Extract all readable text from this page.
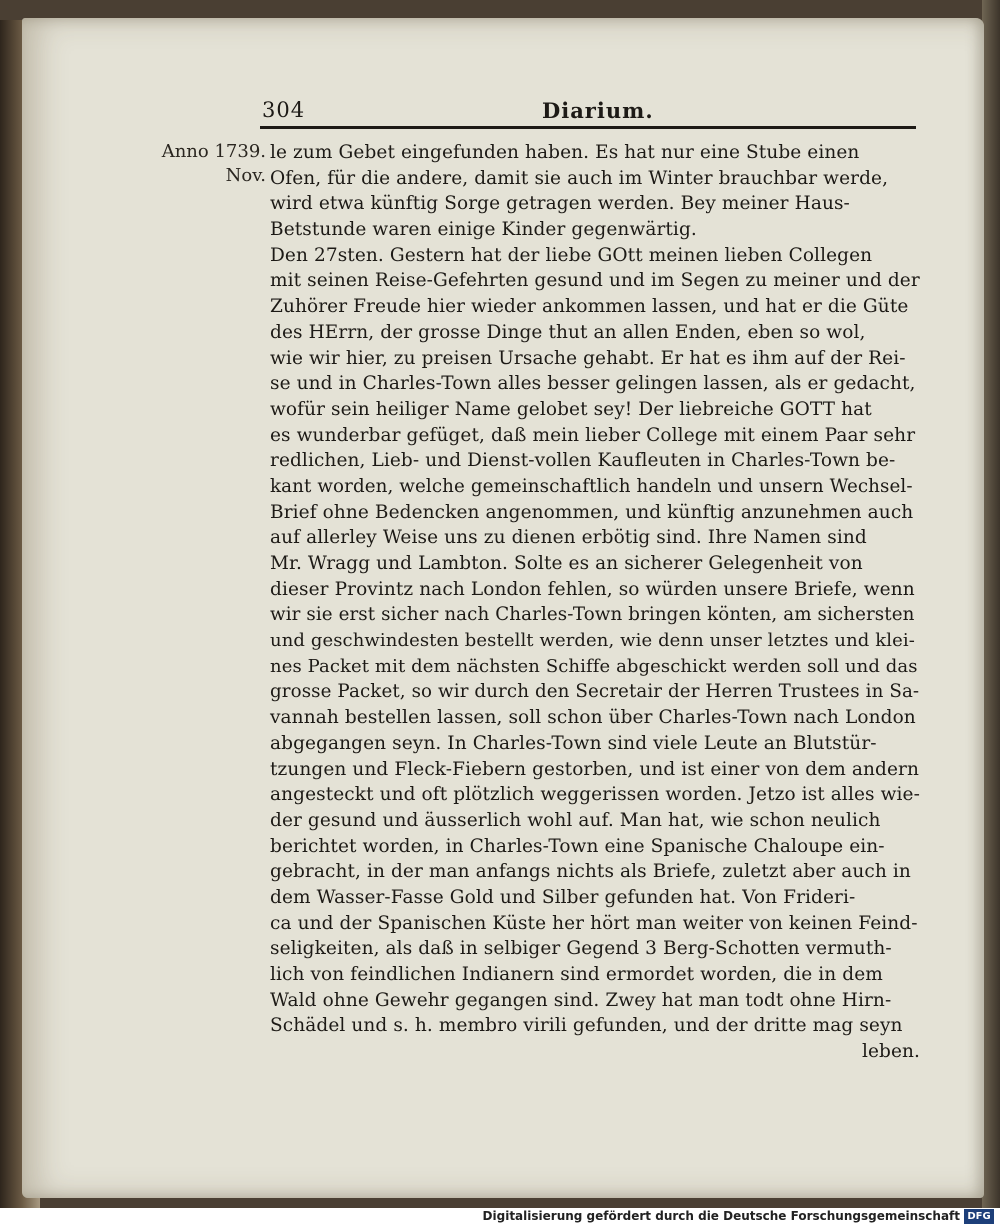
304	Diarium.
Anno 1739.
Nov.
le zum Gebet eingefunden haben. Es hat nur eine Stube einen
Ofen, für die andere, damit sie auch im Winter brauchbar werde,
wird etwa künftig Sorge getragen werden. Bey meiner Haus-
Betstunde waren einige Kinder gegenwärtig.
Den 27sten. Gestern hat der liebe GOtt meinen lieben Collegen
mit seinen Reise-Gefehrten gesund und im Segen zu meiner und der
Zuhörer Freude hier wieder ankommen lassen, und hat er die Güte
des HErrn, der grosse Dinge thut an allen Enden, eben so wol,
wie wir hier, zu preisen Ursache gehabt. Er hat es ihm auf der Rei-
se und in Charles-Town alles besser gelingen lassen, als er gedacht,
wofür sein heiliger Name gelobet sey! Der liebreiche GOTT hat
es wunderbar gefüget, daß mein lieber College mit einem Paar sehr
redlichen, Lieb- und Dienst-vollen Kaufleuten in Charles-Town be-
kant worden, welche gemeinschaftlich handeln und unsern Wechsel-
Brief ohne Bedencken angenommen, und künftig anzunehmen auch
auf allerley Weise uns zu dienen erbötig sind. Ihre Namen sind
Mr. Wragg und Lambton. Solte es an sicherer Gelegenheit von
dieser Provintz nach London fehlen, so würden unsere Briefe, wenn
wir sie erst sicher nach Charles-Town bringen könten, am sichersten
und geschwindesten bestellt werden, wie denn unser letztes und klei-
nes Packet mit dem nächsten Schiffe abgeschickt werden soll und das
grosse Packet, so wir durch den Secretair der Herren Trustees in Sa-
vannah bestellen lassen, soll schon über Charles-Town nach London
abgegangen seyn. In Charles-Town sind viele Leute an Blutstür-
tzungen und Fleck-Fiebern gestorben, und ist einer von dem andern
angesteckt und oft plötzlich weggerissen worden. Jetzo ist alles wie-
der gesund und äusserlich wohl auf. Man hat, wie schon neulich
berichtet worden, in Charles-Town eine Spanische Chaloupe ein-
gebracht, in der man anfangs nichts als Briefe, zuletzt aber auch in
dem Wasser-Fasse Gold und Silber gefunden hat. Von Frideri-
ca und der Spanischen Küste her hört man weiter von keinen Feind-
seligkeiten, als daß in selbiger Gegend 3 Berg-Schotten vermuth-
lich von feindlichen Indianern sind ermordet worden, die in dem
Wald ohne Gewehr gegangen sind. Zwey hat man todt ohne Hirn-
Schädel und s. h. membro virili gefunden, und der dritte mag seyn
leben.
Digitalisierung gefördert durch die Deutsche Forschungsgemeinschaft DFG
